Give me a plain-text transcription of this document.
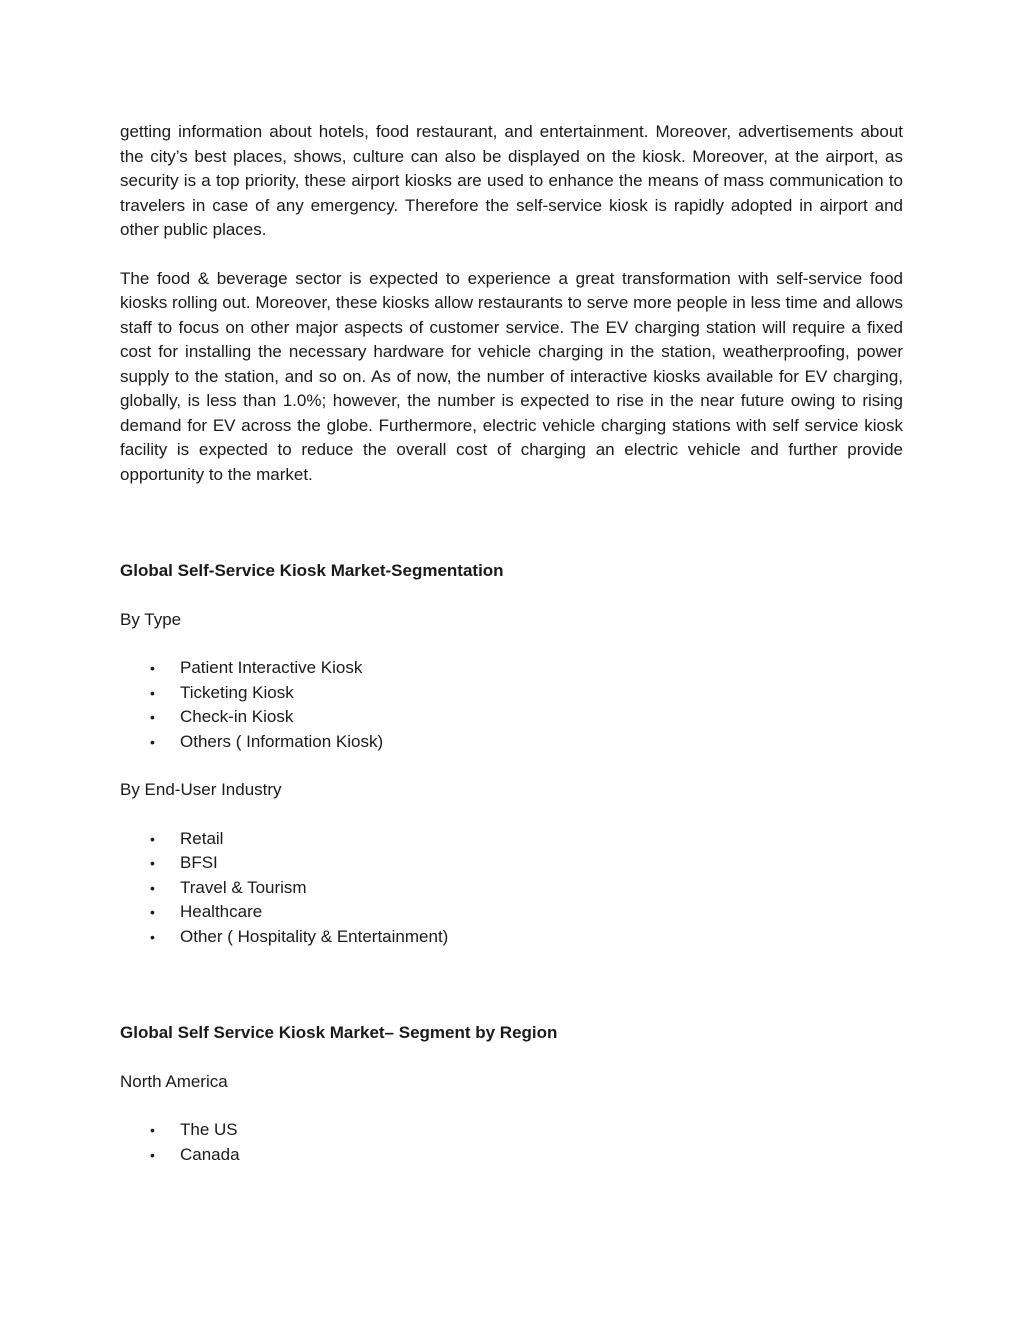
getting information about hotels, food restaurant, and entertainment. Moreover, advertisements about the city’s best places, shows, culture can also be displayed on the kiosk. Moreover, at the airport, as security is a top priority, these airport kiosks are used to enhance the means of mass communication to travelers in case of any emergency. Therefore the self-service kiosk is rapidly adopted in airport and other public places.

The food & beverage sector is expected to experience a great transformation with self-service food kiosks rolling out. Moreover, these kiosks allow restaurants to serve more people in less time and allows staff to focus on other major aspects of customer service. The EV charging station will require a fixed cost for installing the necessary hardware for vehicle charging in the station, weatherproofing, power supply to the station, and so on. As of now, the number of interactive kiosks available for EV charging, globally, is less than 1.0%; however, the number is expected to rise in the near future owing to rising demand for EV across the globe. Furthermore, electric vehicle charging stations with self service kiosk facility is expected to reduce the overall cost of charging an electric vehicle and further provide opportunity to the market.

Global Self-Service Kiosk Market-Segmentation
By Type
• Patient Interactive Kiosk
• Ticketing Kiosk
• Check-in Kiosk
• Others ( Information Kiosk)
By End-User Industry
• Retail
• BFSI
• Travel & Tourism
• Healthcare
• Other ( Hospitality & Entertainment)
Global Self Service Kiosk Market– Segment by Region
North America
• The US
• Canada
